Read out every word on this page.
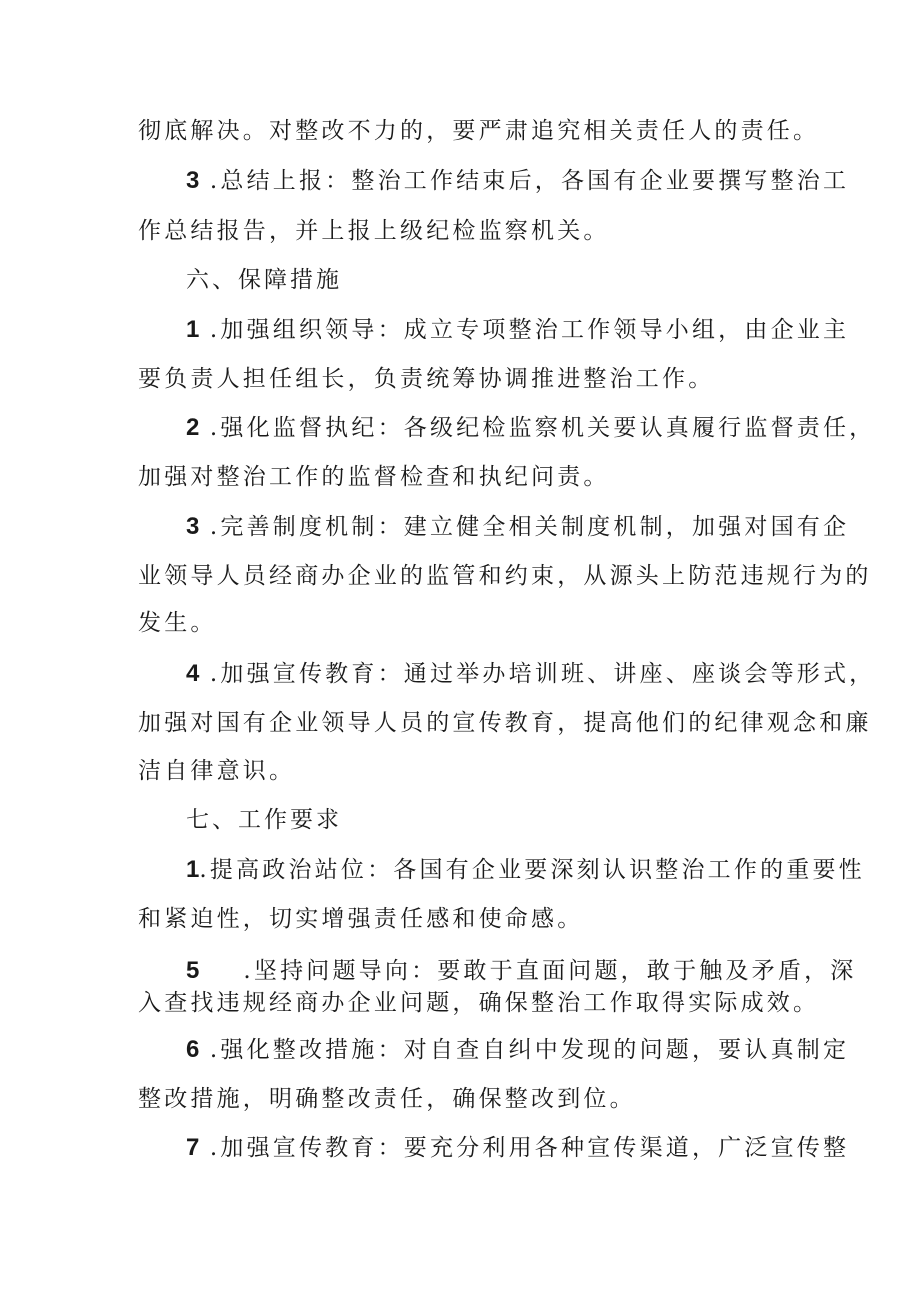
彻底解决。对整改不力的，要严肃追究相关责任人的责任。
3 .总结上报：整治工作结束后，各国有企业要撰写整治工
作总结报告，并上报上级纪检监察机关。
六、保障措施
1 .加强组织领导：成立专项整治工作领导小组，由企业主
要负责人担任组长，负责统筹协调推进整治工作。
2 .强化监督执纪：各级纪检监察机关要认真履行监督责任，
加强对整治工作的监督检查和执纪问责。
3 .完善制度机制：建立健全相关制度机制，加强对国有企
业领导人员经商办企业的监管和约束，从源头上防范违规行为的
发生。
4 .加强宣传教育：通过举办培训班、讲座、座谈会等形式，
加强对国有企业领导人员的宣传教育，提高他们的纪律观念和廉
洁自律意识。
七、工作要求
1.提高政治站位：各国有企业要深刻认识整治工作的重要性
和紧迫性，切实增强责任感和使命感。
5 .坚持问题导向：要敢于直面问题，敢于触及矛盾，深
入查找违规经商办企业问题，确保整治工作取得实际成效。
6 .强化整改措施：对自查自纠中发现的问题，要认真制定
整改措施，明确整改责任，确保整改到位。
7 .加强宣传教育：要充分利用各种宣传渠道，广泛宣传整
